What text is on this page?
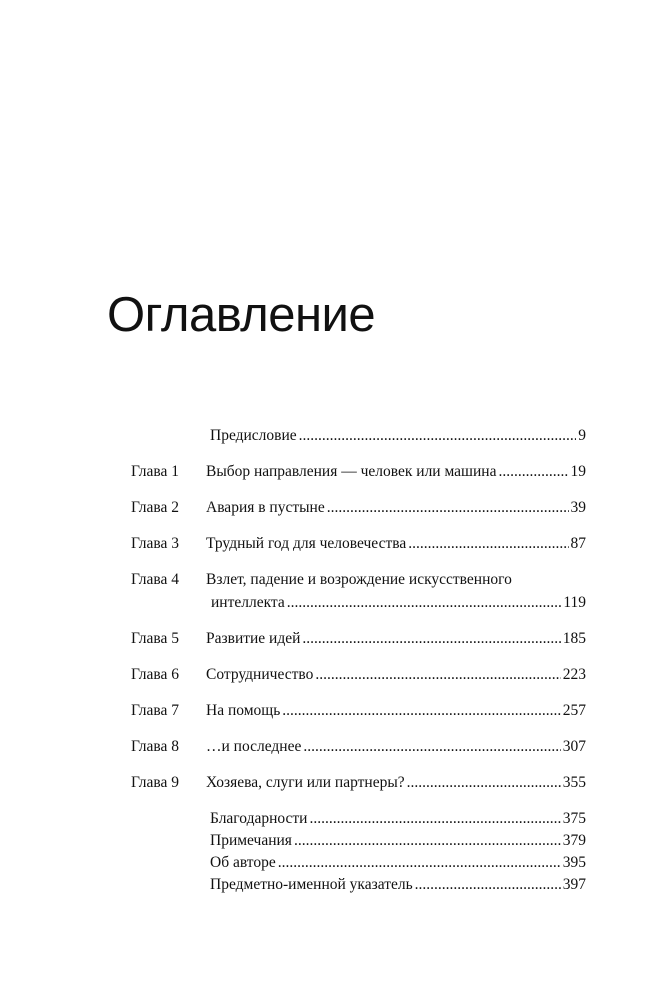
Оглавление
Предисловие .....	9
Глава 1 Выбор направления — человек или машина .....	19
Глава 2 Авария в пустыне .....	39
Глава 3 Трудный год для человечества .....	87
Глава 4 Взлет, падение и возрождение искусственного
интеллекта .....	119
Глава 5 Развитие идей .....	185
Глава 6 Сотрудничество .....	223
Глава 7 На помощь .....	257
Глава 8 …и последнее .....	307
Глава 9 Хозяева, слуги или партнеры? .....	355
Благодарности .....	375
Примечания .....	379
Об авторе .....	395
Предметно-именной указатель .....	397
